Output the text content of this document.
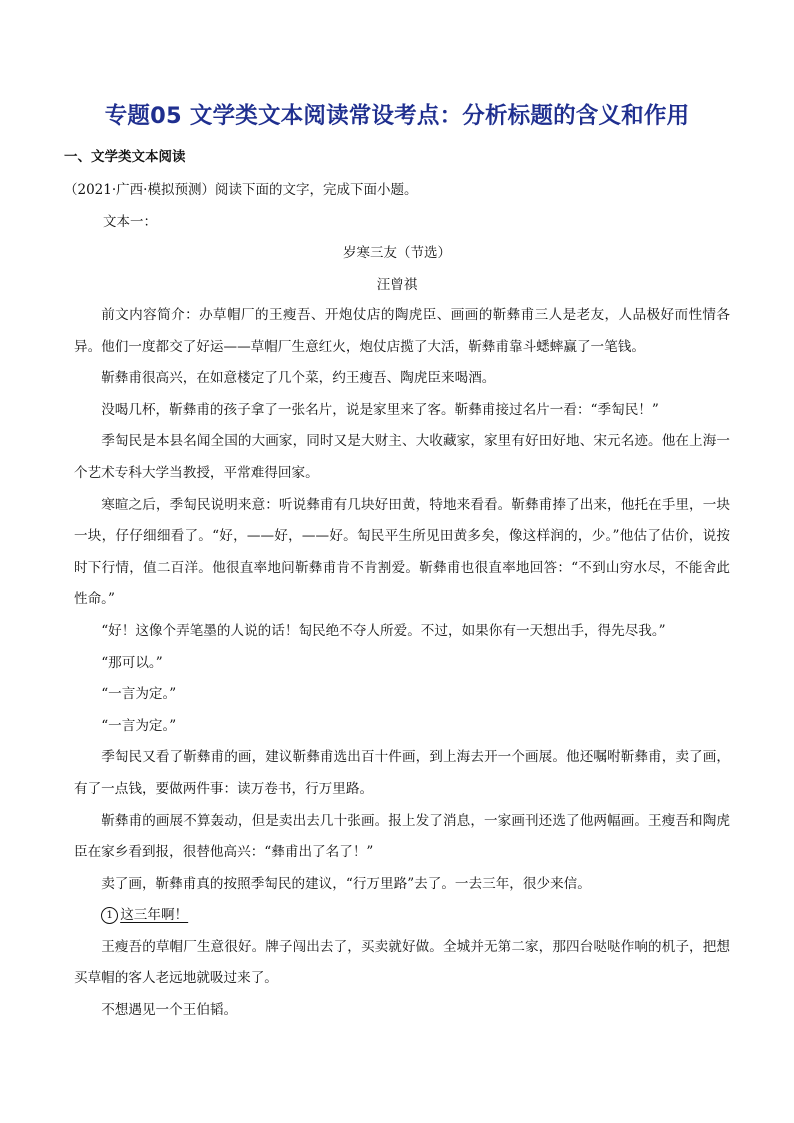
专题05 文学类文本阅读常设考点：分析标题的含义和作用
一、文学类文本阅读
（2021·广西·模拟预测）阅读下面的文字，完成下面小题。
文本一：
岁寒三友（节选）
汪曾祺

前文内容简介：办草帽厂的王瘦吾、开炮仗店的陶虎臣、画画的靳彝甫三人是老友，人品极好而性情各异。他们一度都交了好运——草帽厂生意红火，炮仗店揽了大活，靳彝甫靠斗蟋蟀赢了一笔钱。

靳彝甫很高兴，在如意楼定了几个菜，约王瘦吾、陶虎臣来喝酒。

没喝几杯，靳彝甫的孩子拿了一张名片，说是家里来了客。靳彝甫接过名片一看：“季匋民！”

季匋民是本县名闻全国的大画家，同时又是大财主、大收藏家，家里有好田好地、宋元名迹。他在上海一个艺术专科大学当教授，平常难得回家。

寒暄之后，季匋民说明来意：听说彝甫有几块好田黄，特地来看看。靳彝甫捧了出来，他托在手里，一块一块，仔仔细细看了。“好，——好，——好。匋民平生所见田黄多矣，像这样润的，少。”他估了估价，说按时下行情，值二百洋。他很直率地问靳彝甫肯不肯割爱。靳彝甫也很直率地回答：“不到山穷水尽，不能舍此性命。”

“好！这像个弄笔墨的人说的话！匋民绝不夺人所爱。不过，如果你有一天想出手，得先尽我。”

“那可以。”

“一言为定。”

“一言为定。”

季匋民又看了靳彝甫的画，建议靳彝甫选出百十件画，到上海去开一个画展。他还嘱咐靳彝甫，卖了画，有了一点钱，要做两件事：读万卷书，行万里路。

靳彝甫的画展不算轰动，但是卖出去几十张画。报上发了消息，一家画刊还选了他两幅画。王瘦吾和陶虎臣在家乡看到报，很替他高兴：“彝甫出了名了！”

卖了画，靳彝甫真的按照季匋民的建议，“行万里路”去了。一去三年，很少来信。

1 这三年啊！

王瘦吾的草帽厂生意很好。牌子闯出去了，买卖就好做。全城并无第二家，那四台哒哒作响的机子，把想买草帽的客人老远地就吸过来了。

不想遇见一个王伯韬。
